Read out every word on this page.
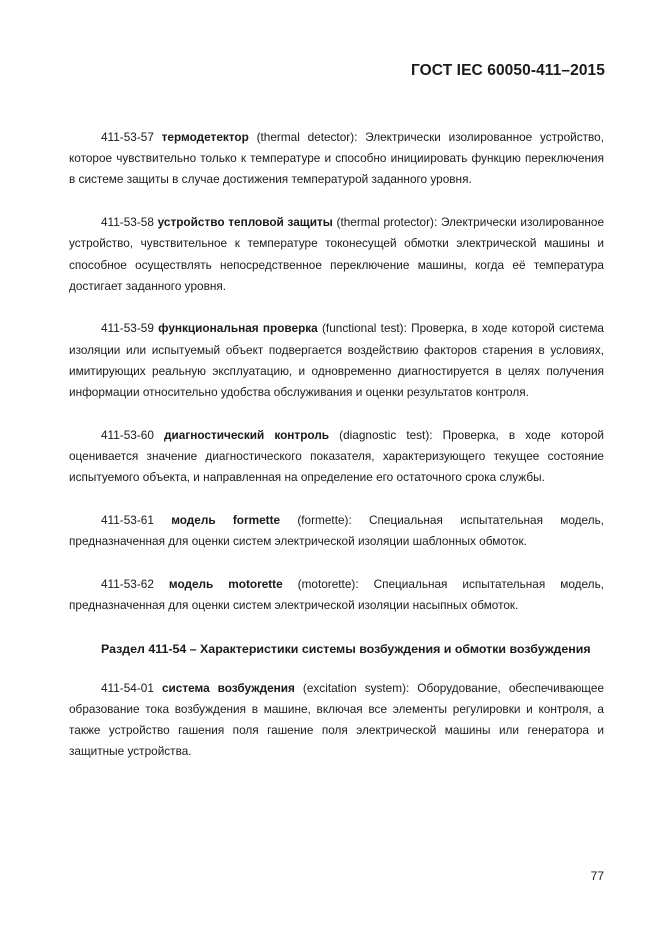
ГОСТ IEC 60050-411–2015

411-53-57 термодетектор (thermal detector): Электрически изолированное устройство, которое чувствительно только к температуре и способно инициировать функцию переключения в системе защиты в случае достижения температурой заданного уровня.

411-53-58 устройство тепловой защиты (thermal protector): Электрически изолированное устройство, чувствительное к температуре токонесущей обмотки электрической машины и способное осуществлять непосредственное переключение машины, когда её температура достигает заданного уровня.

411-53-59 функциональная проверка (functional test): Проверка, в ходе которой система изоляции или испытуемый объект подвергается воздействию факторов старения в условиях, имитирующих реальную эксплуатацию, и одновременно диагностируется в целях получения информации относительно удобства обслуживания и оценки результатов контроля.

411-53-60 диагностический контроль (diagnostic test): Проверка, в ходе которой оценивается значение диагностического показателя, характеризующего текущее состояние испытуемого объекта, и направленная на определение его остаточного срока службы.

411-53-61 модель formette (formette): Специальная испытательная модель, предназначенная для оценки систем электрической изоляции шаблонных обмоток.

411-53-62 модель motorette (motorette): Специальная испытательная модель, предназначенная для оценки систем электрической изоляции насыпных обмоток.

Раздел 411-54 – Характеристики системы возбуждения и обмотки возбуждения

411-54-01 система возбуждения (excitation system): Оборудование, обеспечивающее образование тока возбуждения в машине, включая все элементы регулировки и контроля, а также устройство гашения поля гашение поля электрической машины или генератора и защитные устройства.

77
